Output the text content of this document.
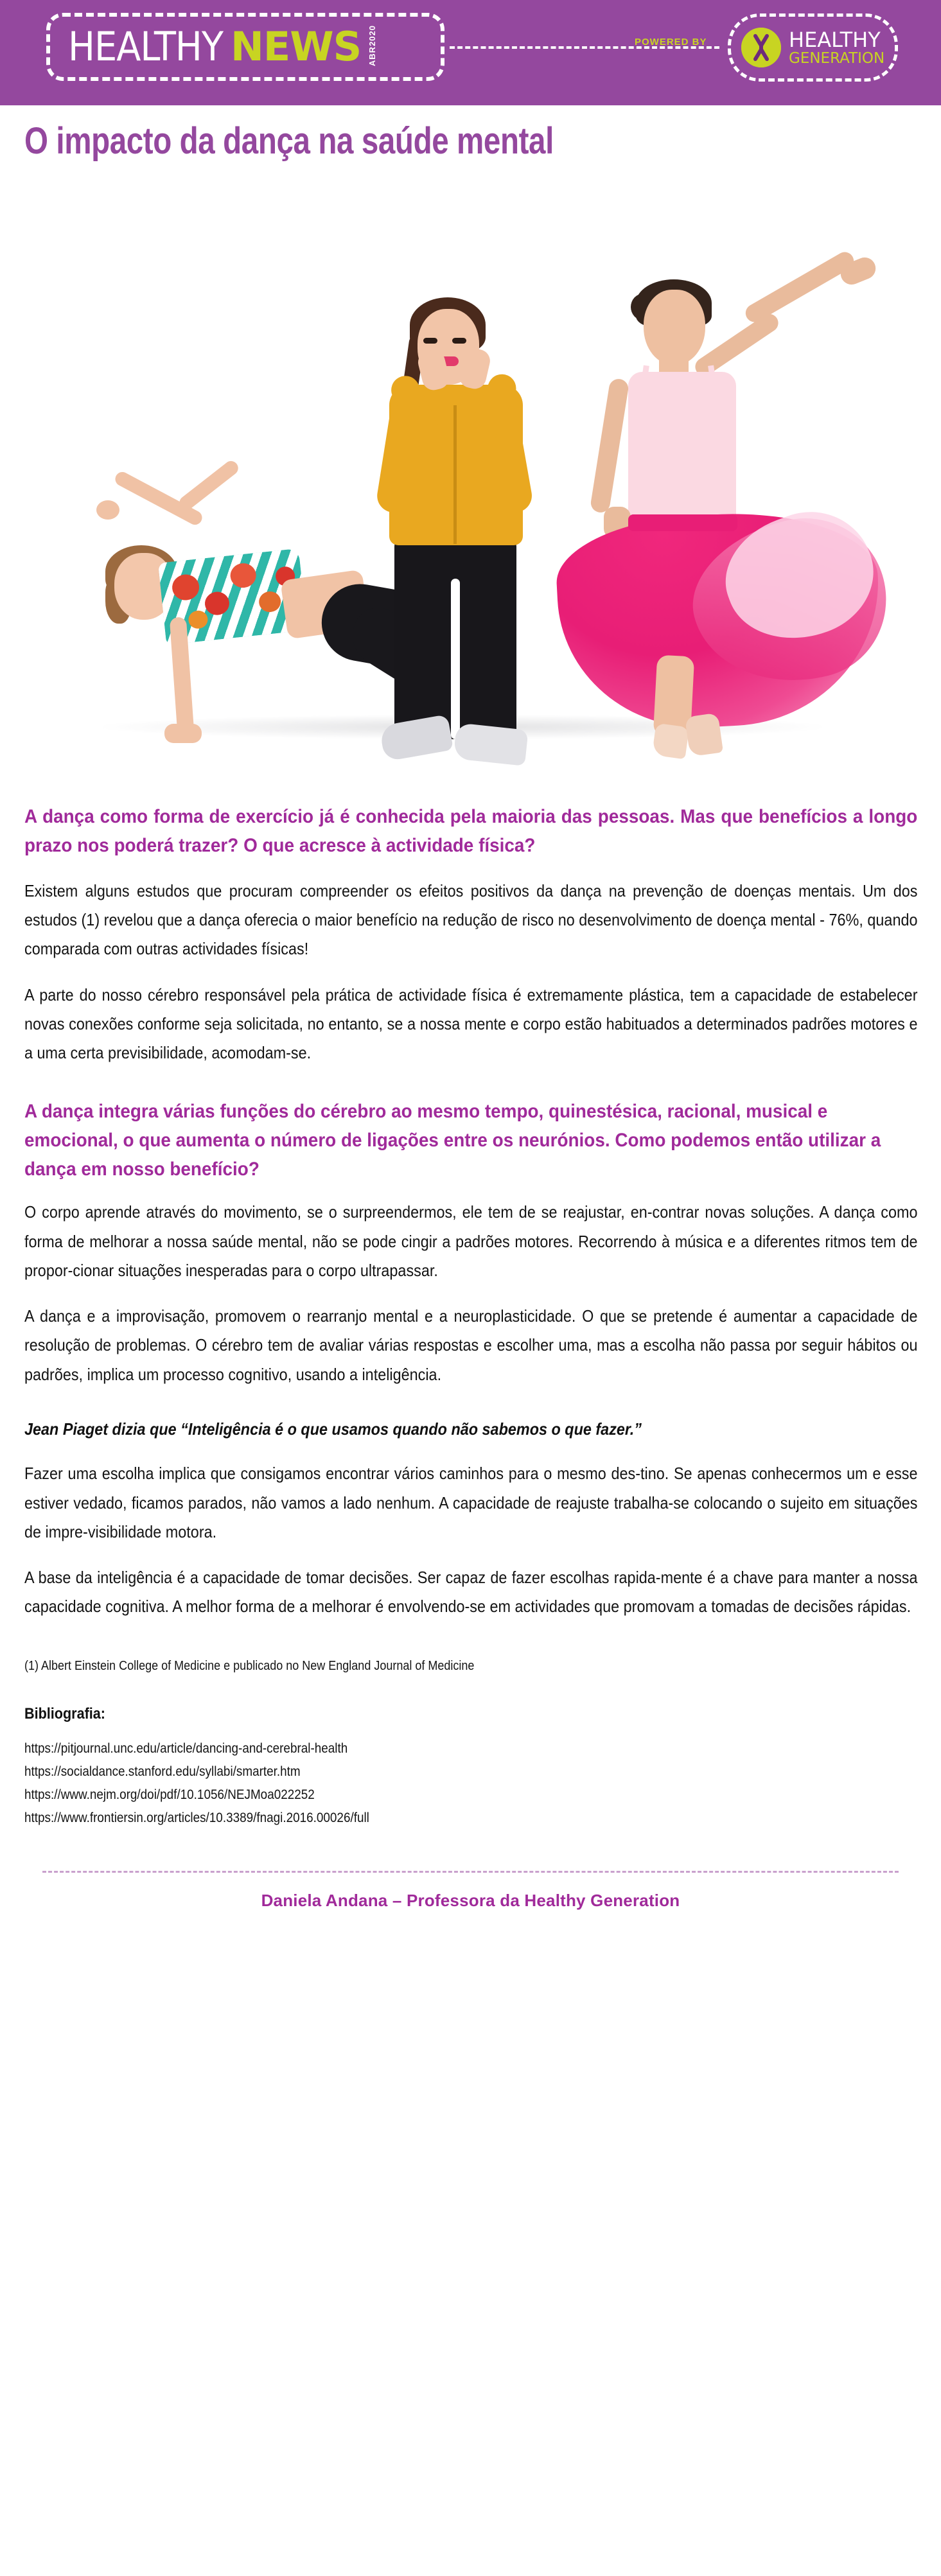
HEALTHY NEWS ABR2020	POWERED BY	HEALTHY
GENERATION
O impacto da dança na saúde mental
A dança como forma de exercício já é conhecida pela maioria das pessoas. Mas que benefícios a longo prazo nos poderá trazer? O que acresce à actividade física?

Existem alguns estudos que procuram compreender os efeitos positivos da dança na prevenção de doenças mentais. Um dos estudos (1) revelou que a dança oferecia o maior benefício na redução de risco no desenvolvimento de doença mental - 76%, quando comparada com outras actividades físicas!

A parte do nosso cérebro responsável pela prática de actividade física é extremamente plástica, tem a capacidade de estabelecer novas conexões conforme seja solicitada, no entanto, se a nossa mente e corpo estão habituados a determinados padrões motores e a uma certa previsibilidade, acomodam-se.

A dança integra várias funções do cérebro ao mesmo tempo, quinestésica, racional, musical e emocional, o que aumenta o número de ligações entre os neurónios. Como podemos então utilizar a dança em nosso benefício?

O corpo aprende através do movimento, se o surpreendermos, ele tem de se reajustar, en-contrar novas soluções. A dança como forma de melhorar a nossa saúde mental, não se pode cingir a padrões motores. Recorrendo à música e a diferentes ritmos tem de propor-cionar situações inesperadas para o corpo ultrapassar.

A dança e a improvisação, promovem o rearranjo mental e a neuroplasticidade. O que se pretende é aumentar a capacidade de resolução de problemas. O cérebro tem de avaliar várias respostas e escolher uma, mas a escolha não passa por seguir hábitos ou padrões, implica um processo cognitivo, usando a inteligência.

Jean Piaget dizia que “Inteligência é o que usamos quando não sabemos o que fazer.”

Fazer uma escolha implica que consigamos encontrar vários caminhos para o mesmo des-tino. Se apenas conhecermos um e esse estiver vedado, ficamos parados, não vamos a lado nenhum. A capacidade de reajuste trabalha-se colocando o sujeito em situações de impre-visibilidade motora.

A base da inteligência é a capacidade de tomar decisões. Ser capaz de fazer escolhas rapida-mente é a chave para manter a nossa capacidade cognitiva. A melhor forma de a melhorar é envolvendo-se em actividades que promovam a tomadas de decisões rápidas.

(1) Albert Einstein College of Medicine e publicado no New England Journal of Medicine
Bibliografia:
https://pitjournal.unc.edu/article/dancing-and-cerebral-health
https://socialdance.stanford.edu/syllabi/smarter.htm
https://www.nejm.org/doi/pdf/10.1056/NEJMoa022252
https://www.frontiersin.org/articles/10.3389/fnagi.2016.00026/full
Daniela Andana – Professora da Healthy Generation
